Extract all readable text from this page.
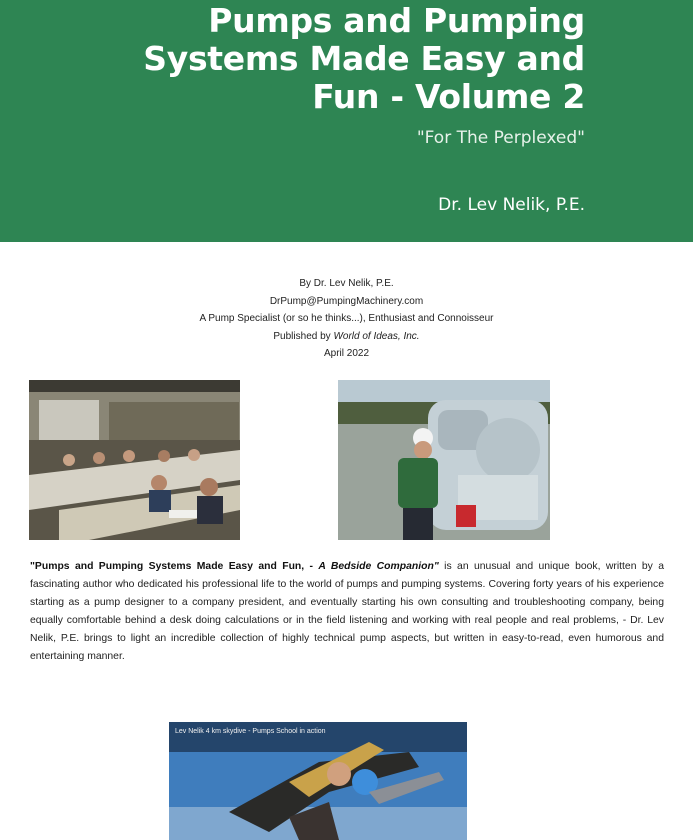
Pumps and Pumping
Systems Made Easy and
Fun - Volume 2
"For The Perplexed"
Dr. Lev Nelik, P.E.
By Dr. Lev Nelik, P.E.
DrPump@PumpingMachinery.com
A Pump Specialist (or so he thinks...), Enthusiast and Connoisseur
Published by World of Ideas, Inc.
April 2022

"Pumps and Pumping Systems Made Easy and Fun, - A Bedside Companion" is an unusual and unique book, written by a fascinating author who dedicated his professional life to the world of pumps and pumping systems. Covering forty years of his experience starting as a pump designer to a company president, and eventually starting his own consulting and troubleshooting company, being equally comfortable behind a desk doing calculations or in the field listening and working with real people and real problems, - Dr. Lev Nelik, P.E. brings to light an incredible collection of highly technical pump aspects, but written in easy-to-read, even humorous and entertaining manner.

Lev Nelik 4 km skydive - Pumps School in action
